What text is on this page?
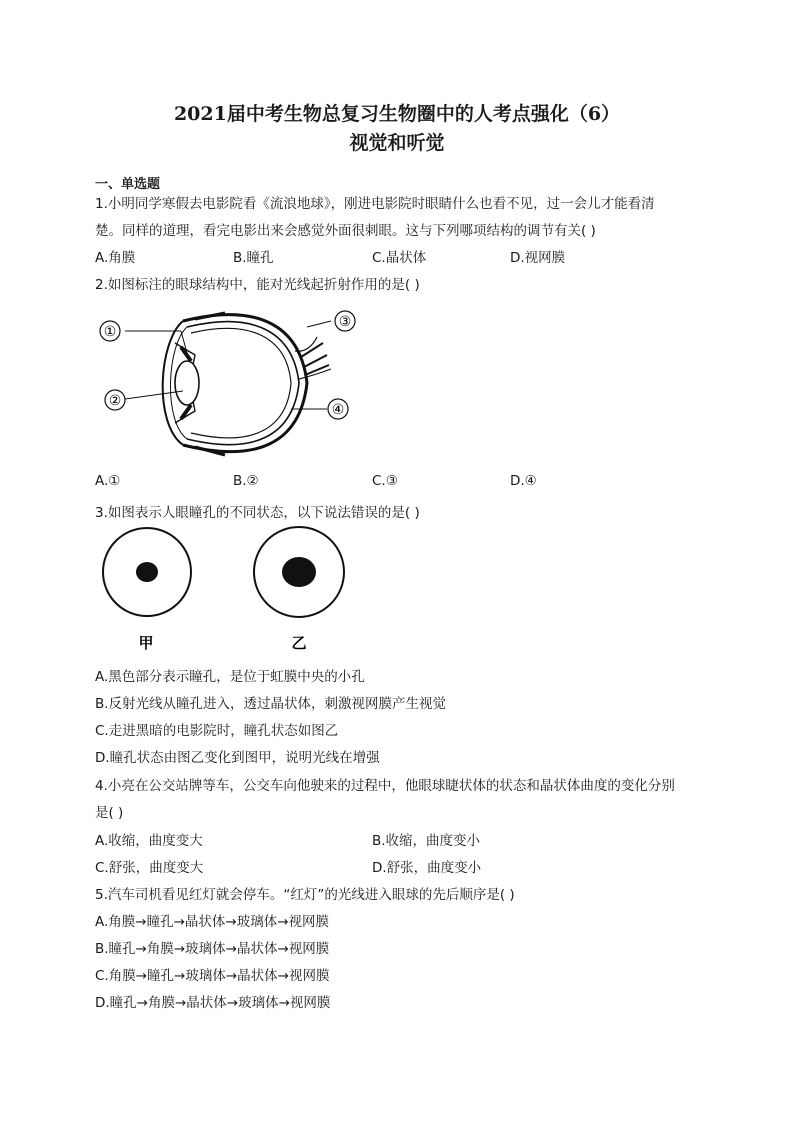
2021届中考生物总复习生物圈中的人考点强化（6）
视觉和听觉
一、单选题
1.小明同学寒假去电影院看《流浪地球》，刚进电影院时眼睛什么也看不见，过一会儿才能看清
楚。同样的道理，看完电影出来会感觉外面很刺眼。这与下列哪项结构的调节有关( )
A.角膜	B.瞳孔	C.晶状体	D.视网膜
2.如图标注的眼球结构中，能对光线起折射作用的是( )
①
②
③
④
A.①	B.②	C.③	D.④
3.如图表示人眼瞳孔的不同状态，以下说法错误的是( )
甲	乙
A.黑色部分表示瞳孔，是位于虹膜中央的小孔
B.反射光线从瞳孔进入，透过晶状体，刺激视网膜产生视觉
C.走进黑暗的电影院时，瞳孔状态如图乙
D.瞳孔状态由图乙变化到图甲，说明光线在增强
4.小亮在公交站牌等车，公交车向他驶来的过程中，他眼球睫状体的状态和晶状体曲度的变化分别
是( )
A.收缩，曲度变大	B.收缩，曲度变小
C.舒张，曲度变大	D.舒张，曲度变小
5.汽车司机看见红灯就会停车。“红灯”的光线进入眼球的先后顺序是( )
A.角膜→瞳孔→晶状体→玻璃体→视网膜
B.瞳孔→角膜→玻璃体→晶状体→视网膜
C.角膜→瞳孔→玻璃体→晶状体→视网膜
D.瞳孔→角膜→晶状体→玻璃体→视网膜
